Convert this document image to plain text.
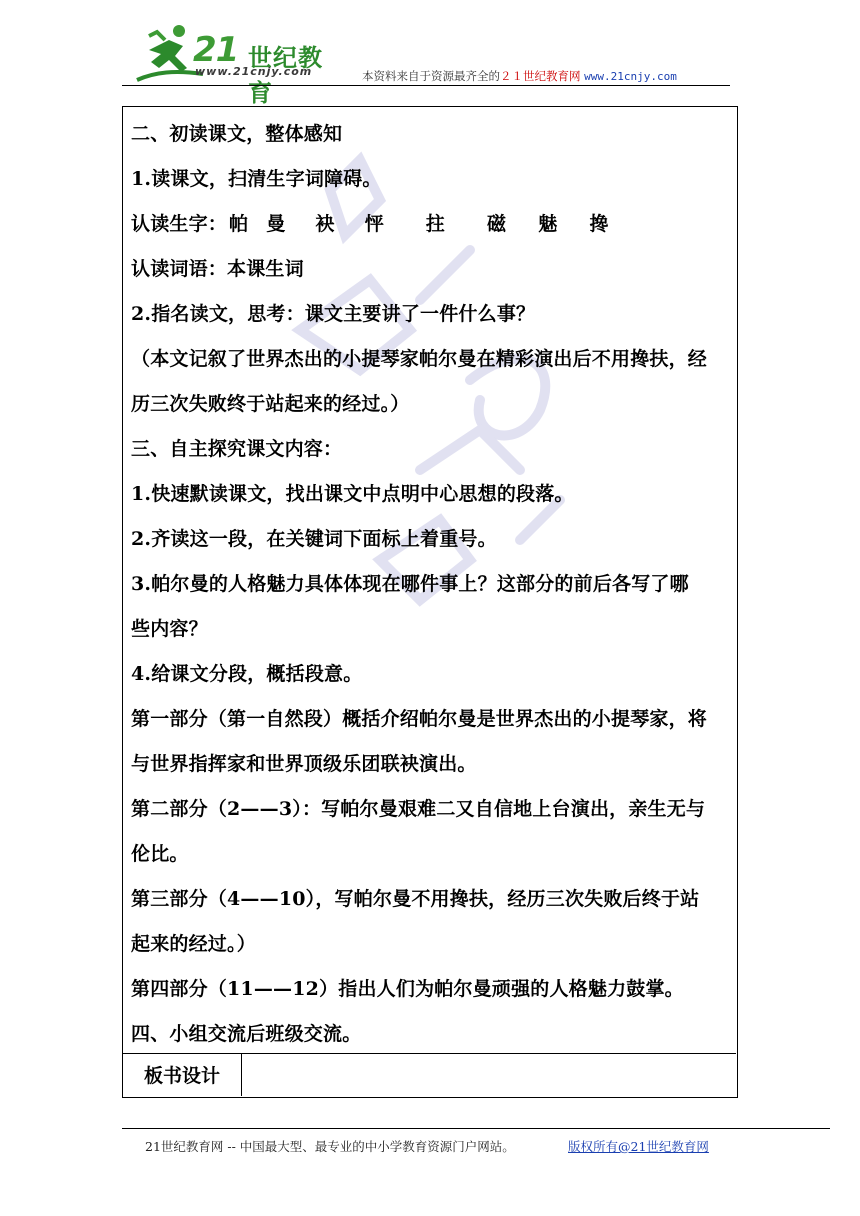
21 世纪教育
www.21cnjy.com	本资料来自于资源最齐全的２１世纪教育网 www.21cnjy.com
二、初读课文，整体感知
1.读课文，扫清生字词障碍。
认读生字： 帕 曼 袂 怦 拄 磁 魅 搀
认读词语：本课生词
2.指名读文，思考：课文主要讲了一件什么事？
（本文记叙了世界杰出的小提琴家帕尔曼在精彩演出后不用搀扶，经
历三次失败终于站起来的经过。）
三、自主探究课文内容：
1.快速默读课文，找出课文中点明中心思想的段落。
2.齐读这一段，在关键词下面标上着重号。
3.帕尔曼的人格魅力具体体现在哪件事上？这部分的前后各写了哪
些内容？
4.给课文分段，概括段意。
第一部分（第一自然段）概括介绍帕尔曼是世界杰出的小提琴家，将
与世界指挥家和世界顶级乐团联袂演出。
第二部分（2——3）：写帕尔曼艰难二又自信地上台演出，亲生无与
伦比。
第三部分（4——10），写帕尔曼不用搀扶，经历三次失败后终于站
起来的经过。）
第四部分（11——12）指出人们为帕尔曼顽强的人格魅力鼓掌。
四、小组交流后班级交流。
板书设计
21世纪教育网 -- 中国最大型、最专业的中小学教育资源门户网站。	版权所有@21世纪教育网
